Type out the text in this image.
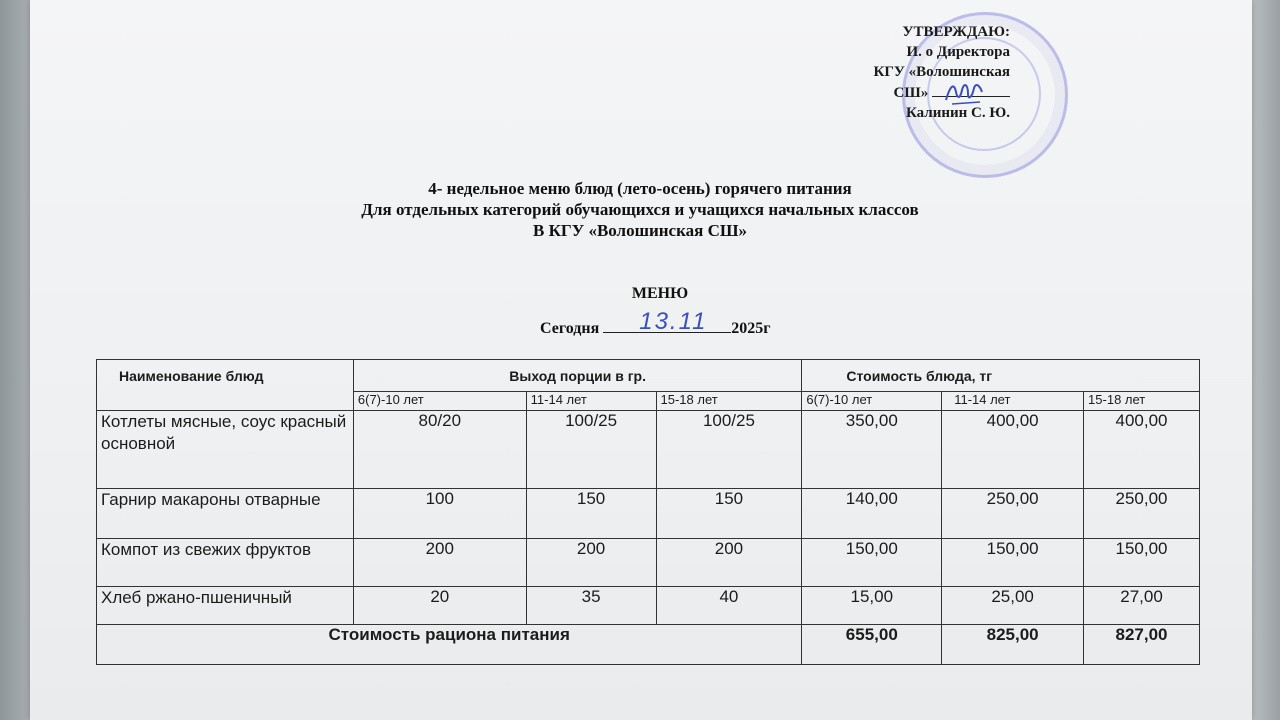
УТВЕРЖДАЮ:
И. о Директора
КГУ «Волошинская
СШ»
Калинин С. Ю.
4- недельное меню блюд (лето-осень) горячего питания
Для отдельных категорий обучающихся и учащихся начальных классов
В КГУ «Волошинская СШ»
МЕНЮ
Сегодня 13.11 2025г
Наименование блюд	Выход порции в гр.			Стоимость блюда, тг		
	6(7)-10 лет	11-14 лет	15-18 лет	6(7)-10 лет	11-14 лет	15-18 лет
Котлеты мясные, соус красный основной	80/20	100/25	100/25	350,00	400,00	400,00
Гарнир макароны отварные	100	150	150	140,00	250,00	250,00
Компот из свежих фруктов	200	200	200	150,00	150,00	150,00
Хлеб ржано-пшеничный	20	35	40	15,00	25,00	27,00
Стоимость рациона питания				655,00	825,00	827,00
